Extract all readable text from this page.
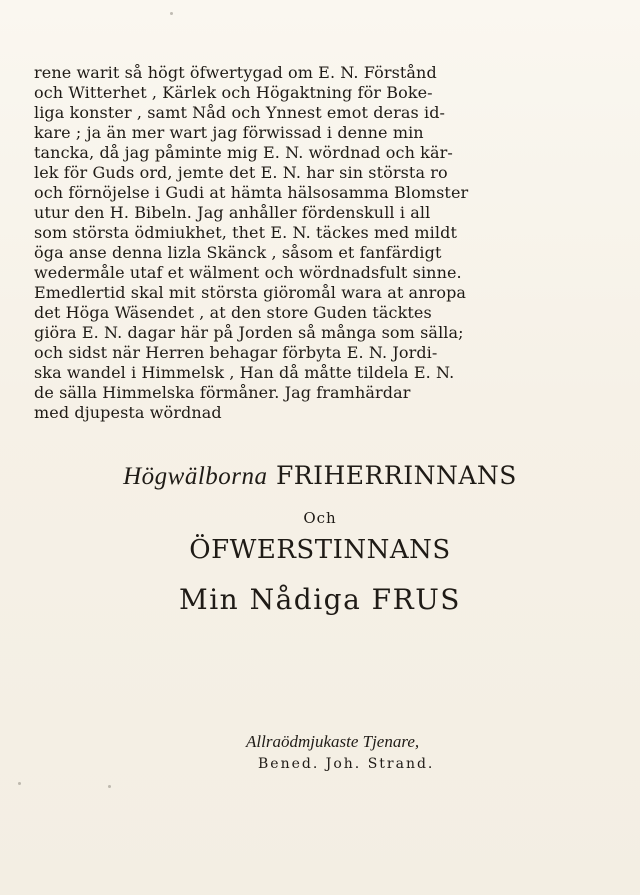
rene warit så högt öfwertygad om E. N. Förstånd
och Witterhet , Kärlek och Högaktning för Boke-
liga konster , samt Nåd och Ynnest emot deras id-
kare ; ja än mer wart jag förwissad i denne min
tancka, då jag påminte mig E. N. wördnad och kär-
lek för Guds ord, jemte det E. N. har sin största ro
och förnöjelse i Gudi at hämta hälsosamma Blomster
utur den H. Bibeln. Jag anhåller fördenskull i all
som största ödmiukhet, thet E. N. täckes med mildt
öga anse denna lizla Skänck , såsom et fanfärdigt
wedermåle utaf et wälment och wördnadsfult sinne.
Emedlertid skal mit största giöromål wara at anropa
det Höga Wäsendet , at den store Guden täcktes
giöra E. N. dagar här på Jorden så många som sälla;
och sidst när Herren behagar förbyta E. N. Jordi-
ska wandel i Himmelsk , Han då måtte tildela E. N.
de sälla Himmelska förmåner. Jag framhärdar
med djupesta wördnad
Högwälborna FRIHERRINNANS
Och
ÖFWERSTINNANS
Min Nådiga FRUS
Allraödmjukaste Tjenare,
Bened. Joh. Strand.
